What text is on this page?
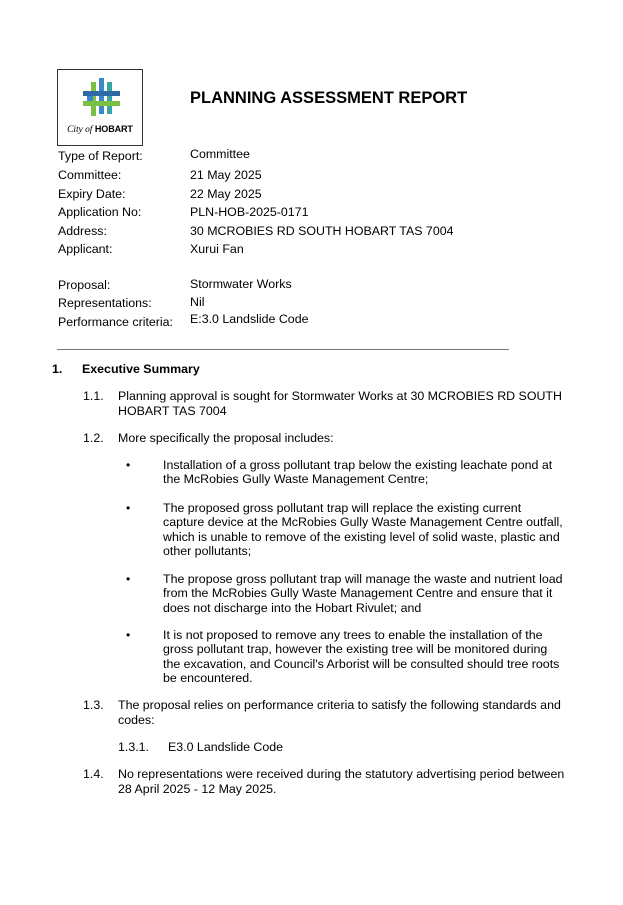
City of HOBART
PLANNING ASSESSMENT REPORT
Type of Report:	Committee
Committee:	21 May 2025
Expiry Date:	22 May 2025
Application No:	PLN-HOB-2025-0171
Address:	30 MCROBIES RD SOUTH HOBART TAS 7004
Applicant:	Xurui Fan
Proposal:	Stormwater Works
Representations:	Nil
Performance criteria: E:3.0 Landslide Code
1. Executive Summary
1.1. Planning approval is sought for Stormwater Works at 30 MCROBIES RD SOUTH
HOBART TAS 7004
1.2. More specifically the proposal includes:
•	Installation of a gross pollutant trap below the existing leachate pond at
the McRobies Gully Waste Management Centre;
•	The proposed gross pollutant trap will replace the existing current
capture device at the McRobies Gully Waste Management Centre outfall,
which is unable to remove of the existing level of solid waste, plastic and
other pollutants;
•	The propose gross pollutant trap will manage the waste and nutrient load
from the McRobies Gully Waste Management Centre and ensure that it
does not discharge into the Hobart Rivulet; and
•	It is not proposed to remove any trees to enable the installation of the
gross pollutant trap, however the existing tree will be monitored during
the excavation, and Council's Arborist will be consulted should tree roots
be encountered.
1.3. The proposal relies on performance criteria to satisfy the following standards and
codes:
1.3.1. E3.0 Landslide Code
1.4. No representations were received during the statutory advertising period between
28 April 2025 - 12 May 2025.
